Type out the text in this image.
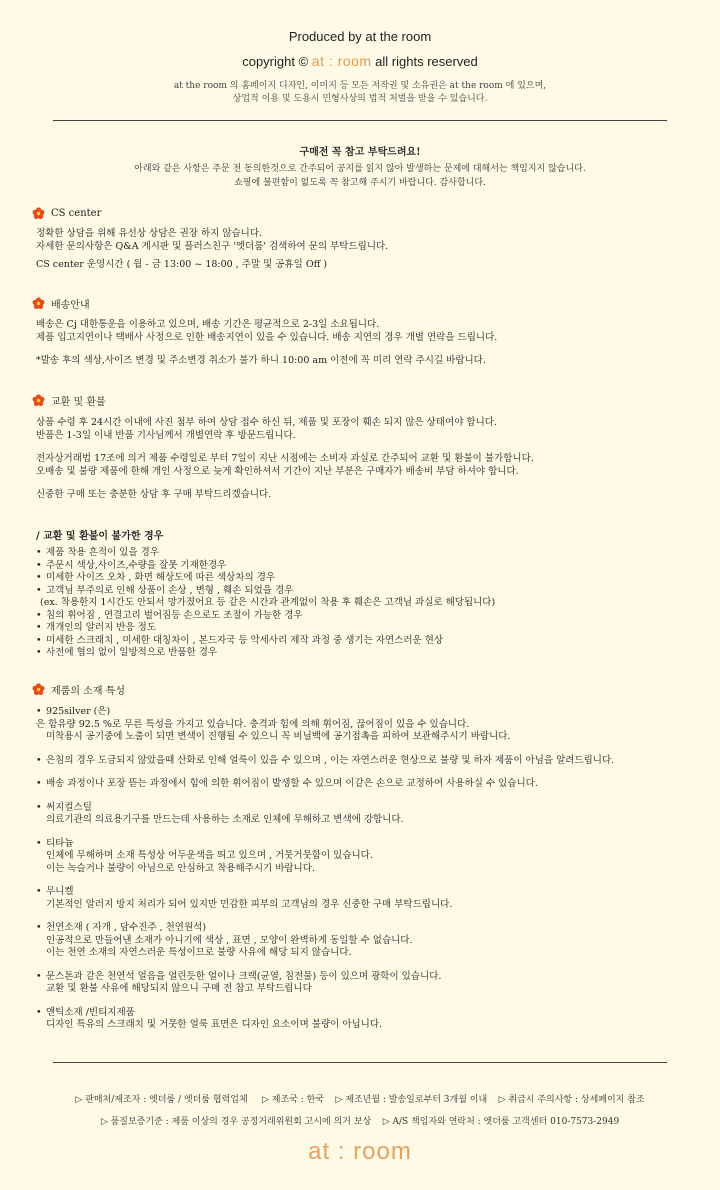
Produced by at the room
copyright © at : room all rights reserved
at the room 의 홈페이지 디자인, 이미지 등 모든 저작권 및 소유권은 at the room 에 있으며,
상업적 이용 및 도용시 민형사상의 법적 처벌을 받을 수 있습니다.
구매전 꼭 참고 부탁드려요!
아래와 같은 사항은 주문 전 동의한것으로 간주되어 공지를 읽지 않아 발생하는 문제에 대해서는 책임지지 않습니다.
쇼핑에 불편함이 없도록 꼭 참고해 주시기 바랍니다. 감사합니다.
CS center

정확한 상담을 위해 유선상 상담은 권장 하지 않습니다.

자세한 문의사항은 Q&A 게시판 및 플러스친구 '엣더룸' 검색하여 문의 부탁드립니다.

CS center 운영시간 ( 월 - 금 13:00 ~ 18:00 , 주말 및 공휴일 Off )

배송안내

배송은 Cj 대한통운을 이용하고 있으며, 배송 기간은 평균적으로 2-3일 소요됩니다.

제품 입고지연이나 택배사 사정으로 인한 배송지연이 있을 수 있습니다. 배송 지연의 경우 개별 연락을 드립니다.

*발송 후의 색상,사이즈 변경 및 주소변경 취소가 불가 하니 10:00 am 이전에 꼭 미리 연락 주시길 바랍니다.

교환 및 환불

상품 수령 후 24시간 이내에 사진 첨부 하여 상담 접수 하신 뒤, 제품 및 포장이 훼손 되지 않은 상태여야 합니다.

반품은 1-3일 이내 반품 기사님께서 개별연락 후 방문드립니다.

전자상거래법 17조에 의거 제품 수령일로 부터 7일이 지난 시점에는 소비자 과실로 간주되어 교환 및 환불이 불가합니다.

오배송 및 불량 제품에 한해 개인 사정으로 늦게 확인하셔서 기간이 지난 부분은 구매자가 배송비 부담 하셔야 합니다.

신중한 구매 또는 충분한 상담 후 구매 부탁드리겠습니다.

/ 교환 및 환불이 불가한 경우
• 제품 착용 흔적이 있을 경우
• 주문시 색상,사이즈,수량을 잘못 기재한경우
• 미세한 사이즈 오차 , 화면 해상도에 따른 색상차의 경우
• 고객님 부주의로 인해 상품이 손상 , 변형 , 훼손 되었을 경우
(ex. 착용한지 1시간도 안되서 망가졌어요 등 같은 시간과 관계없이 착용 후 훼손은 고객님 과실로 해당됩니다)
• 침의 휘어짐 , 연결고리 벌어짐등 손으로도 조절이 가능한 경우
• 개개인의 알러지 반응 정도
• 미세한 스크래치 , 미세한 대칭차이 , 본드자국 등 악세사리 제작 과정 중 생기는 자연스러운 현상
• 사전에 협의 없이 일방적으로 반품한 경우
제품의 소재 특성
• 925silver (은)
은 함유량 92.5 %로 무른 특성을 가지고 있습니다. 충격과 힘에 의해 휘어짐, 끊어짐이 있을 수 있습니다.
미착용시 공기중에 노출이 되면 변색이 진행될 수 있으니 꼭 비닐백에 공기접촉을 피하여 보관해주시기 바랍니다.
• 은침의 경우 도금되지 않았을때 산화로 인해 얼룩이 있을 수 있으며 , 이는 자연스러운 현상으로 불량 및 하자 제품이 아님을 알려드립니다.
• 배송 과정이나 포장 뜯는 과정에서 힘에 의한 휘어짐이 발생할 수 있으며 이같은 손으로 교정하여 사용하실 수 있습니다.
• 써지컬스틸
의료기관의 의료용기구를 만드는데 사용하는 소재로 인체에 무해하고 변색에 강합니다.
• 티타늄
인체에 무해하며 소재 특성상 어두운색을 띄고 있으며 , 거뭇거뭇함이 있습니다.
이는 녹슬거나 불량이 아님으로 안심하고 착용해주시기 바랍니다.
• 무니켈
기본적인 알러지 방지 처리가 되어 있지만 민감한 피부의 고객님의 경우 신중한 구매 부탁드립니다.
• 천연소재 ( 자개 , 담수진주 , 천연원석)
인공적으로 만들어낸 소재가 아니기에 색상 , 표면 , 모양이 완벽하게 동일할 수 없습니다.
이는 천연 소재의 자연스러운 특성이므로 불량 사유에 해당 되지 않습니다.
• 문스톤과 같은 천연석 얼음을 얼린듯한 얼이나 크랙(균열, 침전물) 등이 있으며 광학이 있습니다.
교환 및 환불 사유에 해당되지 않으니 구매 전 참고 부탁드립니다
• 앤틱소재 /빈티지제품
디자인 특유의 스크래치 및 거뭇한 얼룩 표면은 디자인 요소이며 불량이 아닙니다.
▷ 판매처/제조자 : 엣더룸 / 엣더룸 협력업체 ▷ 제조국 : 한국 ▷ 제조년월 : 발송일로부터 3개월 이내 ▷ 취급시 주의사항 : 상세페이지 참조
▷ 품질보증기준 : 제품 이상의 경우 공정거래위원회 고시에 의거 보상 ▷ A/S 책임자와 연락처 : 엣더룸 고객센터 010-7573-2949
at : room
